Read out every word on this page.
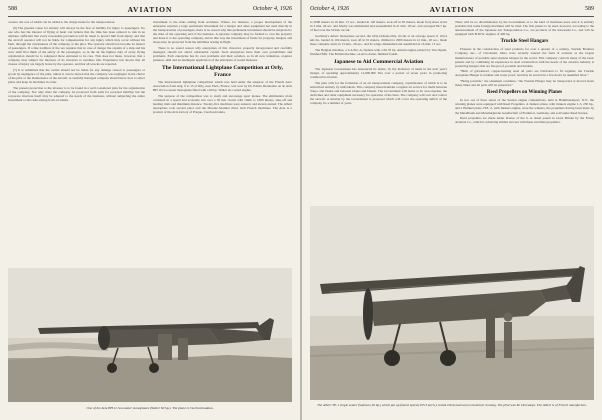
588	AVIATION	October 4, 1926

owners, the cost of which can be added to the charge made for the transportation.

(6) The greatest cause for anxiety will always be the fear of liability for injury to passengers. No one who has the interest of flying at heart can believe that the time has been reduced to risk in an airplane, sufficient that every reasonable precaution will be taken to protect him from injury, and that the aircraft operator will not be liable for compensation for any injury which may occur without his fault, through the carelessness of the company or the pilot. The operator should not become an insurer of passengers. If a fine tradition of the sea requires that in case of danger the captain of a ship and his crew shall first think of the safety of the passengers, so in the air the highest duty of every flying organization should be to safeguard those entrusted to its care. This does not mean, however, that a company may subject the interests of its investors to needless risk. Experience has shown that all classes of injury are largely borne by the operator, and that all wrecks are reported.

(7) It is submitted that the carrier should not be liable for any damage caused to passengers or goods by negligence of the pilot, unless it can be shown that the company was negligent in the choice of the pilot or the maintenance of the aircraft. A carefully managed company should know how to select pilots and keep its machines in order.

The present protection to the investor is to be found in a well considered plan for the organization of the company. Not only must the company be protected from suits for personal liability, but the corporate structure itself may be adapted to the needs of the business, without subjecting the entire investment to the risks arising from accidents.

investment to the risks arising from accidents. Where, for instance, a proper development of the enterprise requires a large permanent investment for a hangar and other equipment not used directly in the transportation of passengers, there is no reason why this permanent investment should be subjected to the risks of the operating end of the business. A separate company may be formed to own the property and lease it to the operating company, and in this way the investment of funds for property, hangars and shops may be protected from the liabilities arising in flight.

There is no sound reason why enterprises of this character, properly incorporated and carefully managed, should not attract substantial capital. Such enterprises have their own possibilities and problems. Each enterprise has its own problems and their solution, as in all new industries, requires patience, skill and an intelligent application of the principles of sound business.

The International Lightplane Competition at Orly, France

The international lightplane competition which was held under the auspices of the French Aero Association from Aug. 9 to 15 at Orly, near Paris, France, was won by Dr. Edwin Dioskodes on an Avia BH 10 two-seater monoplane fitted with a 60 hp. Walter air-cooled engine.

The purpose of the competition was to study and encourage sport planes. The elimination trials consisted in a speed and economy test over a 50 km. circuit with climb to 1000 meters, take-off and landing trials and minimum distance. Twenty-five machines were entered, and eleven started. The Albert monoplane took second place and the Morane-Saulnier third, both French machines. The Avia is a product of the Avia factory of Prague, Czechoslovakia.

One of the Avia BH 11 two-seater monoplanes (Walter 60 hp.). The plane is Czechoslovakian.
October 4, 1926	AVIATION	589

to 2000 meters in 16 min. 15 sec., landed in 120 meters, took off in 85 meters, made forty-three starts in 3 min. 26 sec. and finally was dismantled and reassembled in 21 min. 18 sec. and averaged 84.7 kp. of fuel over the 50 km. circuit.

Germany's Albert monoplane second, the Orly-Orleans-Orly circuit at an average speed of 104.4 km./hr., landed in 104 meters, took off in 91 meters, climbed to 2000 meters in 12 min., 20 sec., made three complete starts in 13 min., 26 sec., and its wings dismantled and assembled in 16 min. 13 sec.

The Belgian machine, a S.A.B.C.A. biplane with a 60-70 hp. Anzani engine piloted by Van Opstal, finished fifth. The British machine, an Avro Avian, finished fourth.

Japanese to Aid Commercial Aviation

The Japanese Government has announced its desire, by the inclusion of items in the next year's budget, of spending approximately 12,000,000 Yen over a period of seven years in promoting commercial aviation.

The plan calls for the formation of an air transportation company, capitalization of which is to be subscribed entirely by individuals. This company must maintain a regular air service for mails between Tokyo and Osaka and between Osaka and Dairen. The Government will build, at its own expense, the airdromes and other equipment necessary for operation of the lines. The company will own and control the aircraft. A subsidy by the Government is proposed which will cover the operating deficit of the company for a number of years.

There will be no discrimination by the Government as to the kind of machines used, and it is entirely probable that some foreign machines will be tried. The first planes to be used, however, according to the announcement of the Japanese Air Transportation Co., are products of the Kawasaki Co., and will be equipped with B.M.W. engines of 400 hp.

Truckle Steel Hangars

Pioneers in the construction of steel products for over a quarter of a century, Truckle Brothers Company, Inc., of Cincinnati, Ohio, have recently entered the field of aviation as the largest manufacturers of portable steel airplane hangars in the world. This company controls many of the basic patents and by combining its experience in steel construction with the needs of the aviation industry is producing hangars that are fire-proof, portable and durable.

"Built of galvanized, copper-bearing steel all parts are fabricated to fit together, the Truckle Aeroplane Hangar is weather and water proof, and may be erected in a few hours by unskilled labor."

"Being portable," the statement continues, "the Truckle Hangar may be transported or moved about many times and all parts will be preserved."

Reed Propellers on Winning Planes

In two out of three series of the Sesnon engine competitions, held at Hammondsport, N.Y., the winning planes were equipped with Reed Propellers. A Junkers plane, with Junkers engine L.5, 230 hp., and a Heinkel plane, H.E. 2, with Junkers engine, were the winners, the propellers having been made by the Metallbank and Metallurgische Gesellschaft of Frankfort, Germany, and sold under Reed license.

Reed propellers are made under license of the S. A. Reed patent in Great Britain by the Fairey Aviation Co., which is achieving similar success with these excellent propellers.

The Albert TE-1 single seater (Salmson 40 hp.) which put up fastest speed (105.3 km/h.), tested climb and most economical running. The pilot was M. Descamps. The Albert is of French manufacture.
